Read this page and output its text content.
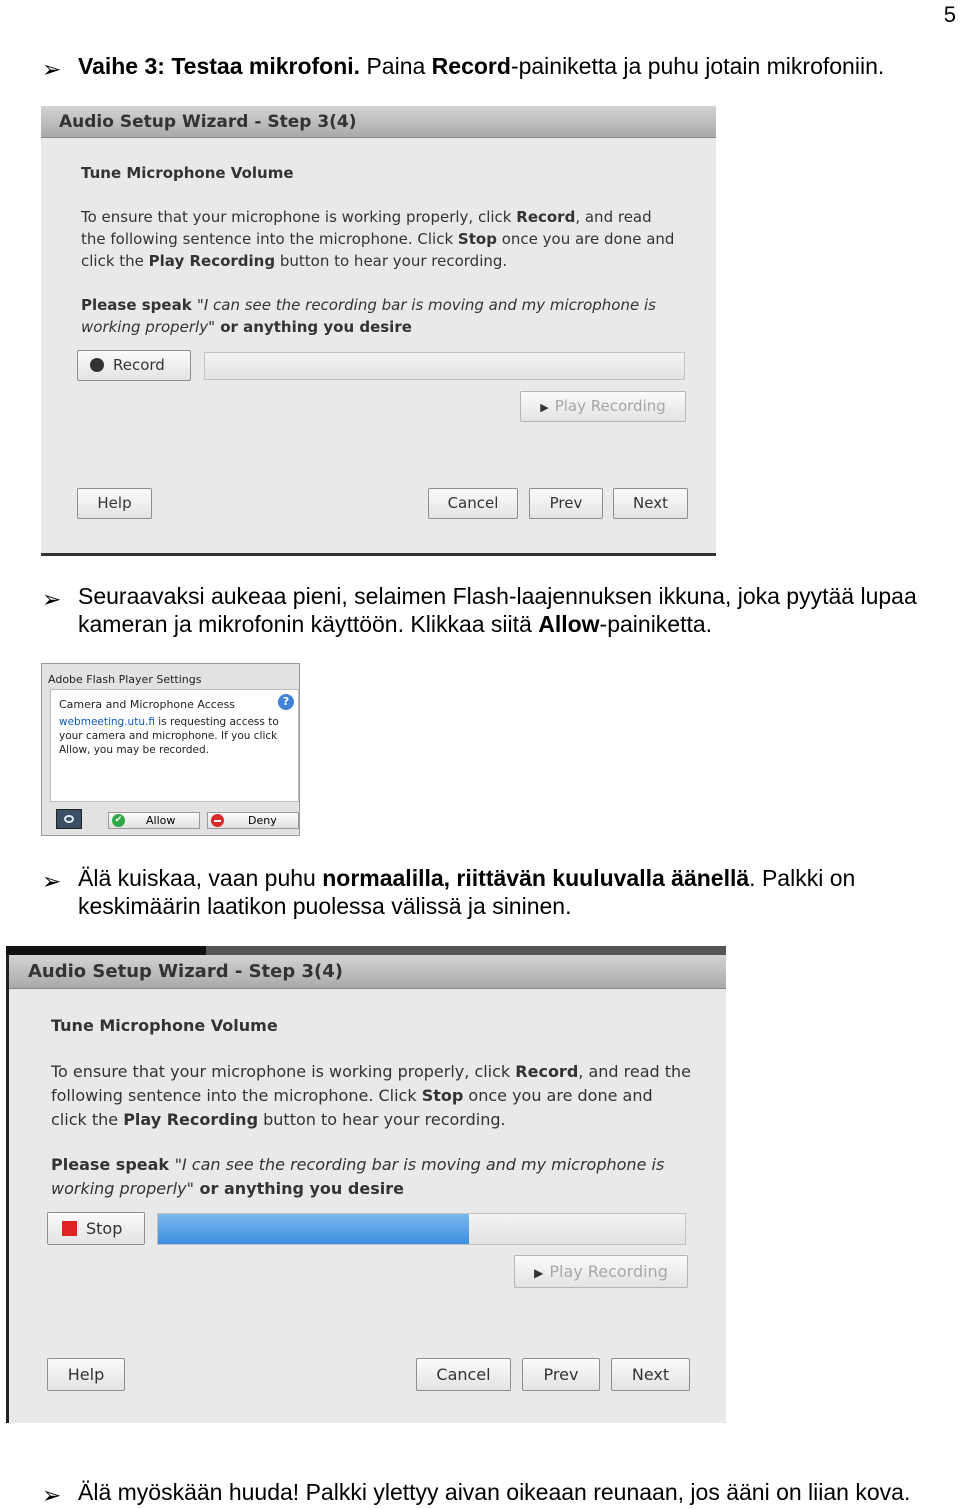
5
➢ Vaihe 3: Testaa mikrofoni. Paina Record-painiketta ja puhu jotain mikrofoniin.
Audio Setup Wizard - Step 3(4)
Tune Microphone Volume
To ensure that your microphone is working properly, click Record, and read the following sentence into the microphone. Click Stop once you are done and click the Play Recording button to hear your recording.
Please speak "I can see the recording bar is moving and my microphone is working properly" or anything you desire
Record
▶ Play Recording
Help	Cancel	Prev	Next
➢ Seuraavaksi aukeaa pieni, selaimen Flash-laajennuksen ikkuna, joka pyytää lupaa kameran ja mikrofonin käyttöön. Klikkaa siitä Allow-painiketta.
Adobe Flash Player Settings
Camera and Microphone Access	?
webmeeting.utu.fi is requesting access to your camera and microphone. If you click Allow, you may be recorded.
✔ Allow	Deny
➢ Älä kuiskaa, vaan puhu normaalilla, riittävän kuuluvalla äänellä. Palkki on keskimäärin laatikon puolessa välissä ja sininen.
Audio Setup Wizard - Step 3(4)
Tune Microphone Volume
To ensure that your microphone is working properly, click Record, and read the following sentence into the microphone. Click Stop once you are done and click the Play Recording button to hear your recording.
Please speak "I can see the recording bar is moving and my microphone is working properly" or anything you desire
Stop
▶ Play Recording
Help	Cancel	Prev	Next
➢ Älä myöskään huuda! Palkki ylettyy aivan oikeaan reunaan, jos ääni on liian kova.
